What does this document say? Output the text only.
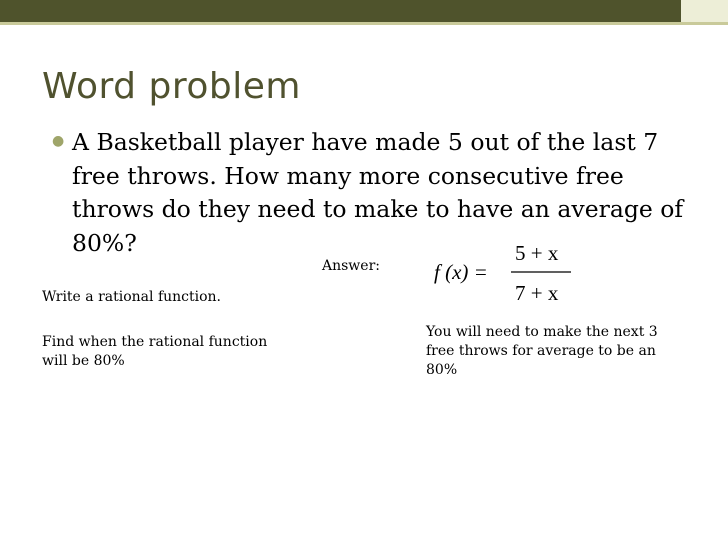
Word problem
● A Basketball player have made 5 out of the last 7 free throws. How many more consecutive free throws do they need to make to have an average of 80%?
Answer:
Write a rational function.
Find when the rational function will be 80%
You will need to make the next 3 free throws for average to be an 80%
f (x) =
5 + x
7 + x
